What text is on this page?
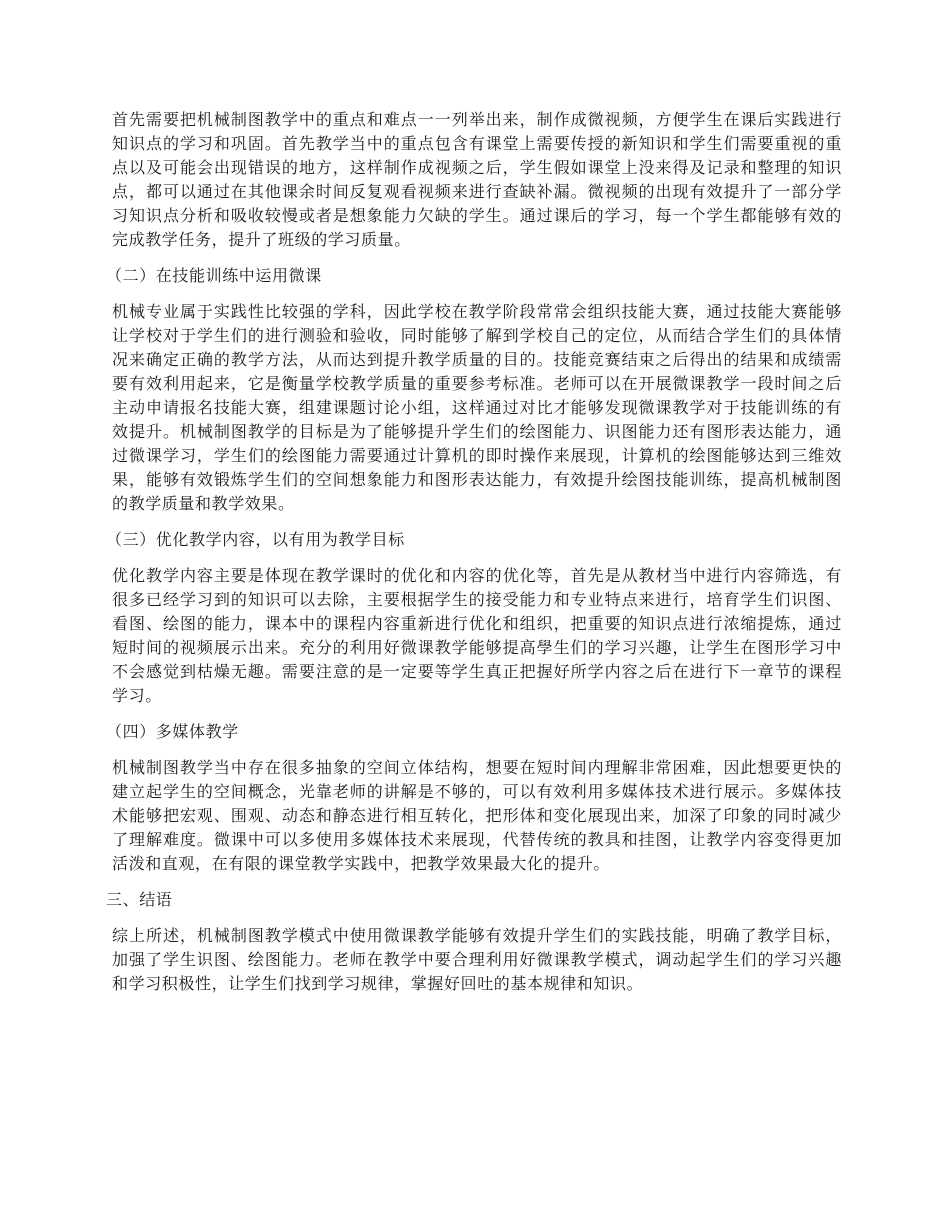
首先需要把机械制图教学中的重点和难点一一列举出来，制作成微视频，方便学生在课后实践进行知识点的学习和巩固。首先教学当中的重点包含有课堂上需要传授的新知识和学生们需要重视的重点以及可能会出现错误的地方，这样制作成视频之后，学生假如课堂上没来得及记录和整理的知识点，都可以通过在其他课余时间反复观看视频来进行查缺补漏。微视频的出现有效提升了一部分学习知识点分析和吸收较慢或者是想象能力欠缺的学生。通过课后的学习，每一个学生都能够有效的完成教学任务，提升了班级的学习质量。

（二）在技能训练中运用微课

机械专业属于实践性比较强的学科，因此学校在教学阶段常常会组织技能大赛，通过技能大赛能够让学校对于学生们的进行测验和验收，同时能够了解到学校自己的定位，从而结合学生们的具体情况来确定正确的教学方法，从而达到提升教学质量的目的。技能竞赛结束之后得出的结果和成绩需要有效利用起来，它是衡量学校教学质量的重要参考标准。老师可以在开展微课教学一段时间之后主动申请报名技能大赛，组建课题讨论小组，这样通过对比才能够发现微课教学对于技能训练的有效提升。机械制图教学的目标是为了能够提升学生们的绘图能力、识图能力还有图形表达能力，通过微课学习，学生们的绘图能力需要通过计算机的即时操作来展现，计算机的绘图能够达到三维效果，能够有效锻炼学生们的空间想象能力和图形表达能力，有效提升绘图技能训练，提高机械制图的教学质量和教学效果。

（三）优化教学内容，以有用为教学目标

优化教学内容主要是体现在教学课时的优化和内容的优化等，首先是从教材当中进行内容筛选，有很多已经学习到的知识可以去除，主要根据学生的接受能力和专业特点来进行，培育学生们识图、看图、绘图的能力，课本中的课程内容重新进行优化和组织，把重要的知识点进行浓缩提炼，通过短时间的视频展示出来。充分的利用好微课教学能够提高學生们的学习兴趣，让学生在图形学习中不会感觉到枯燥无趣。需要注意的是一定要等学生真正把握好所学内容之后在进行下一章节的课程学习。

（四）多媒体教学

机械制图教学当中存在很多抽象的空间立体结构，想要在短时间内理解非常困难，因此想要更快的建立起学生的空间概念，光靠老师的讲解是不够的，可以有效利用多媒体技术进行展示。多媒体技术能够把宏观、围观、动态和静态进行相互转化，把形体和变化展现出来，加深了印象的同时减少了理解难度。微课中可以多使用多媒体技术来展现，代替传统的教具和挂图，让教学内容变得更加活泼和直观，在有限的课堂教学实践中，把教学效果最大化的提升。

三、结语

综上所述，机械制图教学模式中使用微课教学能够有效提升学生们的实践技能，明确了教学目标，加强了学生识图、绘图能力。老师在教学中要合理利用好微课教学模式，调动起学生们的学习兴趣和学习积极性，让学生们找到学习规律，掌握好回吐的基本规律和知识。
